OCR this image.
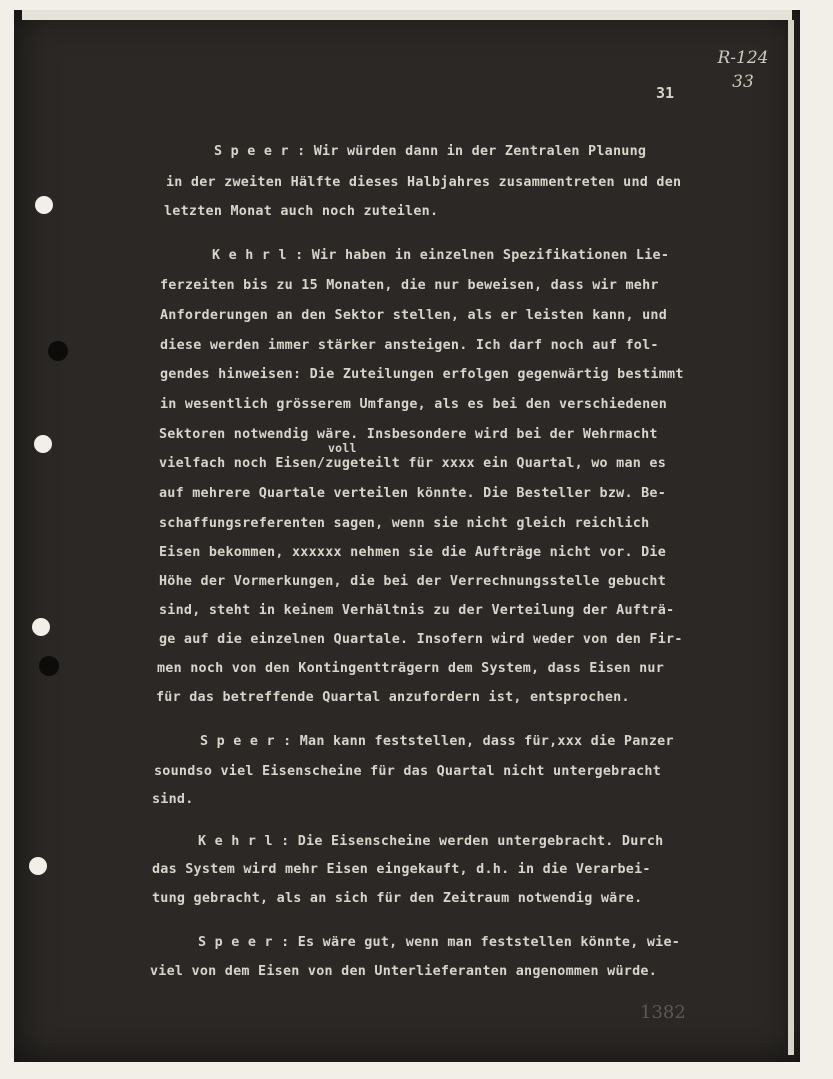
R-124
33
31
S p e e r : Wir würden dann in der Zentralen Planung
in der zweiten Hälfte dieses Halbjahres zusammentreten und den
letzten Monat auch noch zuteilen.
K e h r l : Wir haben in einzelnen Spezifikationen Lie-
ferzeiten bis zu 15 Monaten, die nur beweisen, dass wir mehr
Anforderungen an den Sektor stellen, als er leisten kann, und
diese werden immer stärker ansteigen. Ich darf noch auf fol-
gendes hinweisen: Die Zuteilungen erfolgen gegenwärtig bestimmt
in wesentlich grösserem Umfange, als es bei den verschiedenen
Sektoren notwendig wäre. Insbesondere wird bei der Wehrmacht
voll
vielfach noch Eisen/zugeteilt für xxxx ein Quartal, wo man es
auf mehrere Quartale verteilen könnte. Die Besteller bzw. Be-
schaffungsreferenten sagen, wenn sie nicht gleich reichlich
Eisen bekommen, xxxxxx nehmen sie die Aufträge nicht vor. Die
Höhe der Vormerkungen, die bei der Verrechnungsstelle gebucht
sind, steht in keinem Verhältnis zu der Verteilung der Aufträ-
ge auf die einzelnen Quartale. Insofern wird weder von den Fir-
men noch von den Kontingentträgern dem System, dass Eisen nur
für das betreffende Quartal anzufordern ist, entsprochen.
S p e e r : Man kann feststellen, dass für,xxx die Panzer
soundso viel Eisenscheine für das Quartal nicht untergebracht
sind.
K e h r l : Die Eisenscheine werden untergebracht. Durch
das System wird mehr Eisen eingekauft, d.h. in die Verarbei-
tung gebracht, als an sich für den Zeitraum notwendig wäre.
S p e e r : Es wäre gut, wenn man feststellen könnte, wie-
viel von dem Eisen von den Unterlieferanten angenommen würde.
1382
